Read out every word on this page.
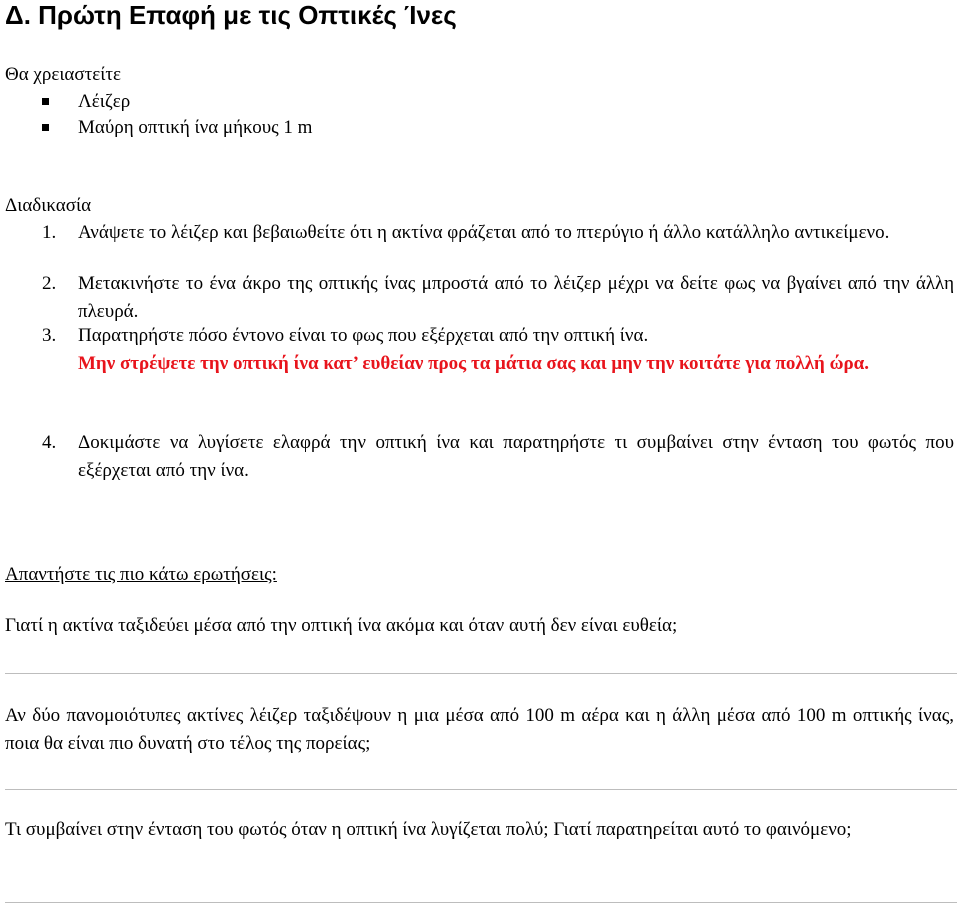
Δ. Πρώτη Επαφή με τις Οπτικές Ίνες

Θα χρειαστείτε

Λέιζερ
Μαύρη οπτική ίνα μήκους 1 m

Διαδικασία

1. Ανάψετε το λέιζερ και βεβαιωθείτε ότι η ακτίνα φράζεται από το πτερύγιο ή άλλο κατάλληλο αντικείμενο.
2. Μετακινήστε το ένα άκρο της οπτικής ίνας μπροστά από το λέιζερ μέχρι να δείτε φως να βγαίνει από την άλλη πλευρά.
3. Παρατηρήστε πόσο έντονο είναι το φως που εξέρχεται από την οπτική ίνα.
Μην στρέψετε την οπτική ίνα κατ’ ευθείαν προς τα μάτια σας και μην την κοιτάτε για πολλή ώρα.
4. Δοκιμάστε να λυγίσετε ελαφρά την οπτική ίνα και παρατηρήστε τι συμβαίνει στην ένταση του φωτός που εξέρχεται από την ίνα.

Απαντήστε τις πιο κάτω ερωτήσεις:

Γιατί η ακτίνα ταξιδεύει μέσα από την οπτική ίνα ακόμα και όταν αυτή δεν είναι ευθεία;
Αν δύο πανομοιότυπες ακτίνες λέιζερ ταξιδέψουν η μια μέσα από 100 m αέρα και η άλλη μέσα από 100 m οπτικής ίνας, ποια θα είναι πιο δυνατή στο τέλος της πορείας;
Τι συμβαίνει στην ένταση του φωτός όταν η οπτική ίνα λυγίζεται πολύ; Γιατί παρατηρείται αυτό το φαινόμενο;
